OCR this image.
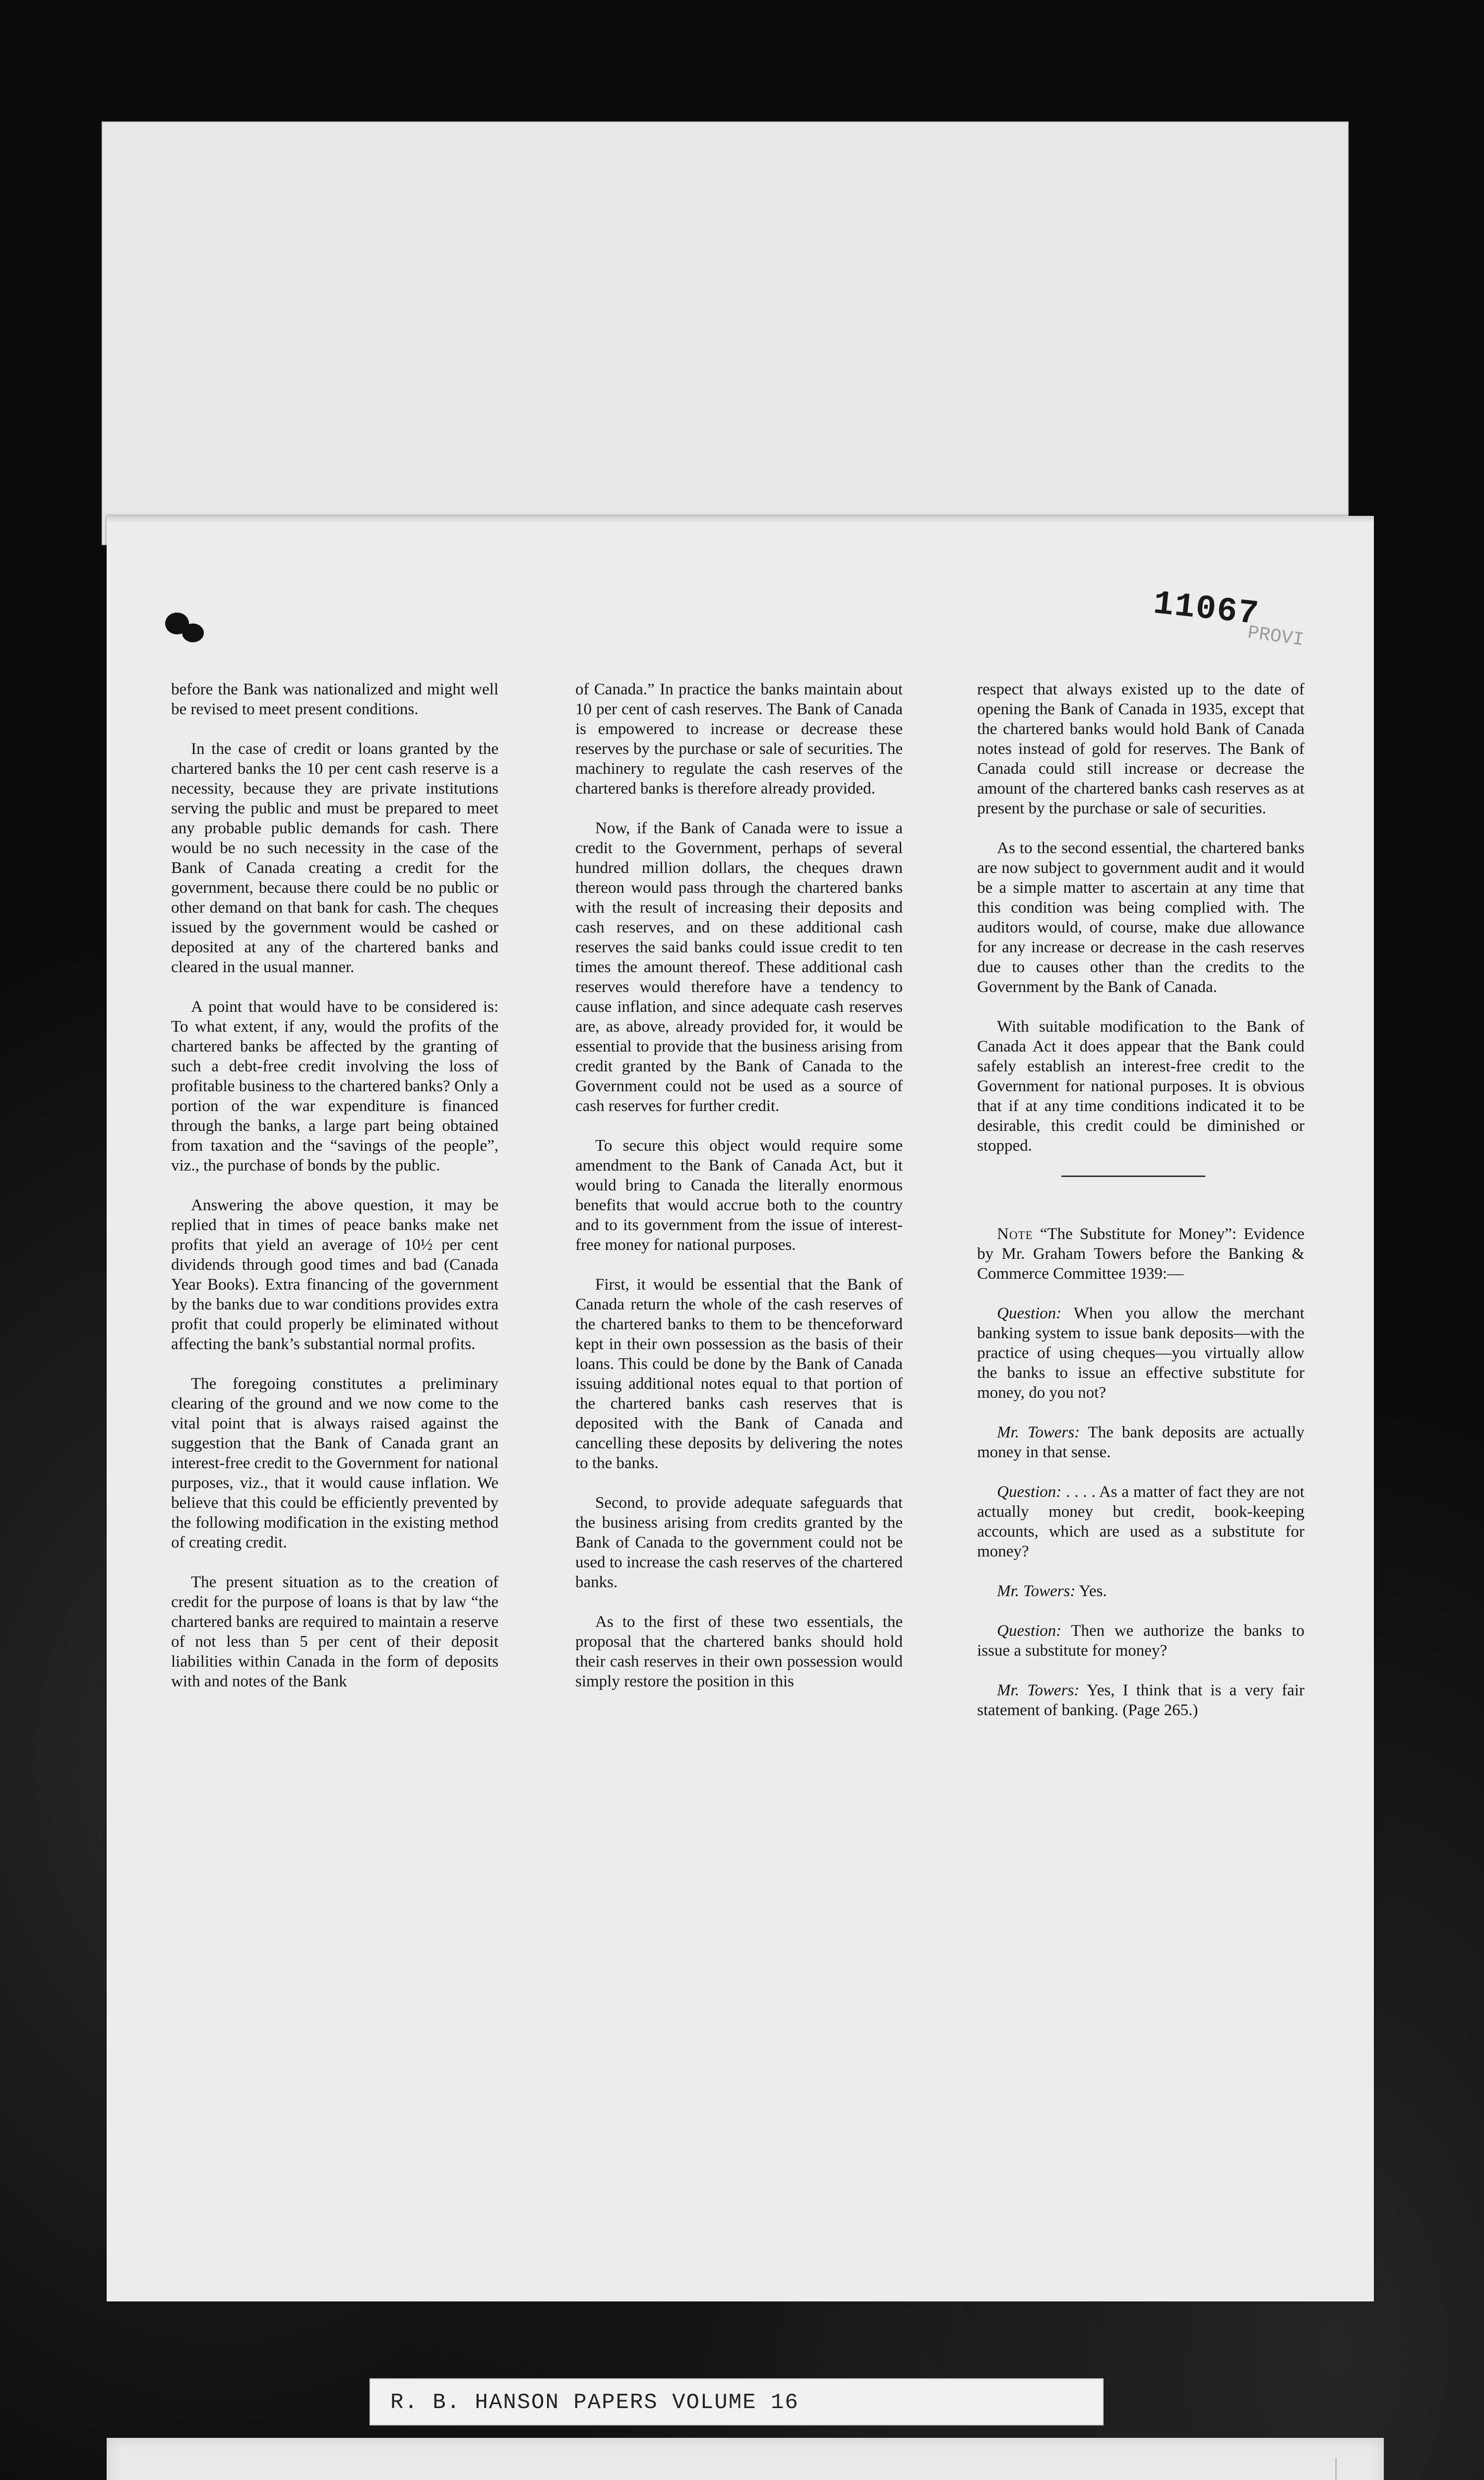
11067
PROVI

before the Bank was nationalized and might well be revised to meet present conditions.

In the case of credit or loans granted by the chartered banks the 10 per cent cash reserve is a necessity, because they are private institutions serving the public and must be prepared to meet any probable public demands for cash. There would be no such necessity in the case of the Bank of Canada creating a credit for the government, because there could be no public or other demand on that bank for cash. The cheques issued by the government would be cashed or deposited at any of the chartered banks and cleared in the usual manner.

A point that would have to be considered is: To what extent, if any, would the profits of the chartered banks be affected by the granting of such a debt-free credit involving the loss of profitable business to the chartered banks? Only a portion of the war expenditure is financed through the banks, a large part being obtained from taxation and the “savings of the people”, viz., the purchase of bonds by the public.

Answering the above question, it may be replied that in times of peace banks make net profits that yield an average of 10½ per cent dividends through good times and bad (Canada Year Books). Extra financing of the government by the banks due to war conditions provides extra profit that could properly be eliminated without affecting the bank’s substantial normal profits.

The foregoing constitutes a preliminary clearing of the ground and we now come to the vital point that is always raised against the suggestion that the Bank of Canada grant an interest-free credit to the Government for national purposes, viz., that it would cause inflation. We believe that this could be efficiently prevented by the following modification in the existing method of creating credit.

The present situation as to the creation of credit for the purpose of loans is that by law “the chartered banks are required to maintain a reserve of not less than 5 per cent of their deposit liabilities within Canada in the form of deposits with and notes of the Bank

of Canada.” In practice the banks maintain about 10 per cent of cash reserves. The Bank of Canada is empowered to increase or decrease these reserves by the purchase or sale of securities. The machinery to regulate the cash reserves of the chartered banks is therefore already provided.

Now, if the Bank of Canada were to issue a credit to the Government, perhaps of several hundred million dollars, the cheques drawn thereon would pass through the chartered banks with the result of increasing their deposits and cash reserves, and on these additional cash reserves the said banks could issue credit to ten times the amount thereof. These additional cash reserves would therefore have a tendency to cause inflation, and since adequate cash reserves are, as above, already provided for, it would be essential to provide that the business arising from credit granted by the Bank of Canada to the Government could not be used as a source of cash reserves for further credit.

To secure this object would require some amendment to the Bank of Canada Act, but it would bring to Canada the literally enormous benefits that would accrue both to the country and to its government from the issue of interest-free money for national purposes.

First, it would be essential that the Bank of Canada return the whole of the cash reserves of the chartered banks to them to be thenceforward kept in their own possession as the basis of their loans. This could be done by the Bank of Canada issuing additional notes equal to that portion of the chartered banks cash reserves that is deposited with the Bank of Canada and cancelling these deposits by delivering the notes to the banks.

Second, to provide adequate safeguards that the business arising from credits granted by the Bank of Canada to the government could not be used to increase the cash reserves of the chartered banks.

As to the first of these two essentials, the proposal that the chartered banks should hold their cash reserves in their own possession would simply restore the position in this

respect that always existed up to the date of opening the Bank of Canada in 1935, except that the chartered banks would hold Bank of Canada notes instead of gold for reserves. The Bank of Canada could still increase or decrease the amount of the chartered banks cash reserves as at present by the purchase or sale of securities.

As to the second essential, the chartered banks are now subject to government audit and it would be a simple matter to ascertain at any time that this condition was being complied with. The auditors would, of course, make due allowance for any increase or decrease in the cash reserves due to causes other than the credits to the Government by the Bank of Canada.

With suitable modification to the Bank of Canada Act it does appear that the Bank could safely establish an interest-free credit to the Government for national purposes. It is obvious that if at any time conditions indicated it to be desirable, this credit could be diminished or stopped.

Note “The Substitute for Money”: Evidence by Mr. Graham Towers before the Banking & Commerce Committee 1939:—

Question: When you allow the merchant banking system to issue bank deposits—with the practice of using cheques—you virtually allow the banks to issue an effective substitute for money, do you not?

Mr. Towers: The bank deposits are actually money in that sense.

Question: . . . . As a matter of fact they are not actually money but credit, book-keeping accounts, which are used as a substitute for money?

Mr. Towers: Yes.

Question: Then we authorize the banks to issue a substitute for money?

Mr. Towers: Yes, I think that is a very fair statement of banking. (Page 265.)

R. B. HANSON PAPERS VOLUME 16
